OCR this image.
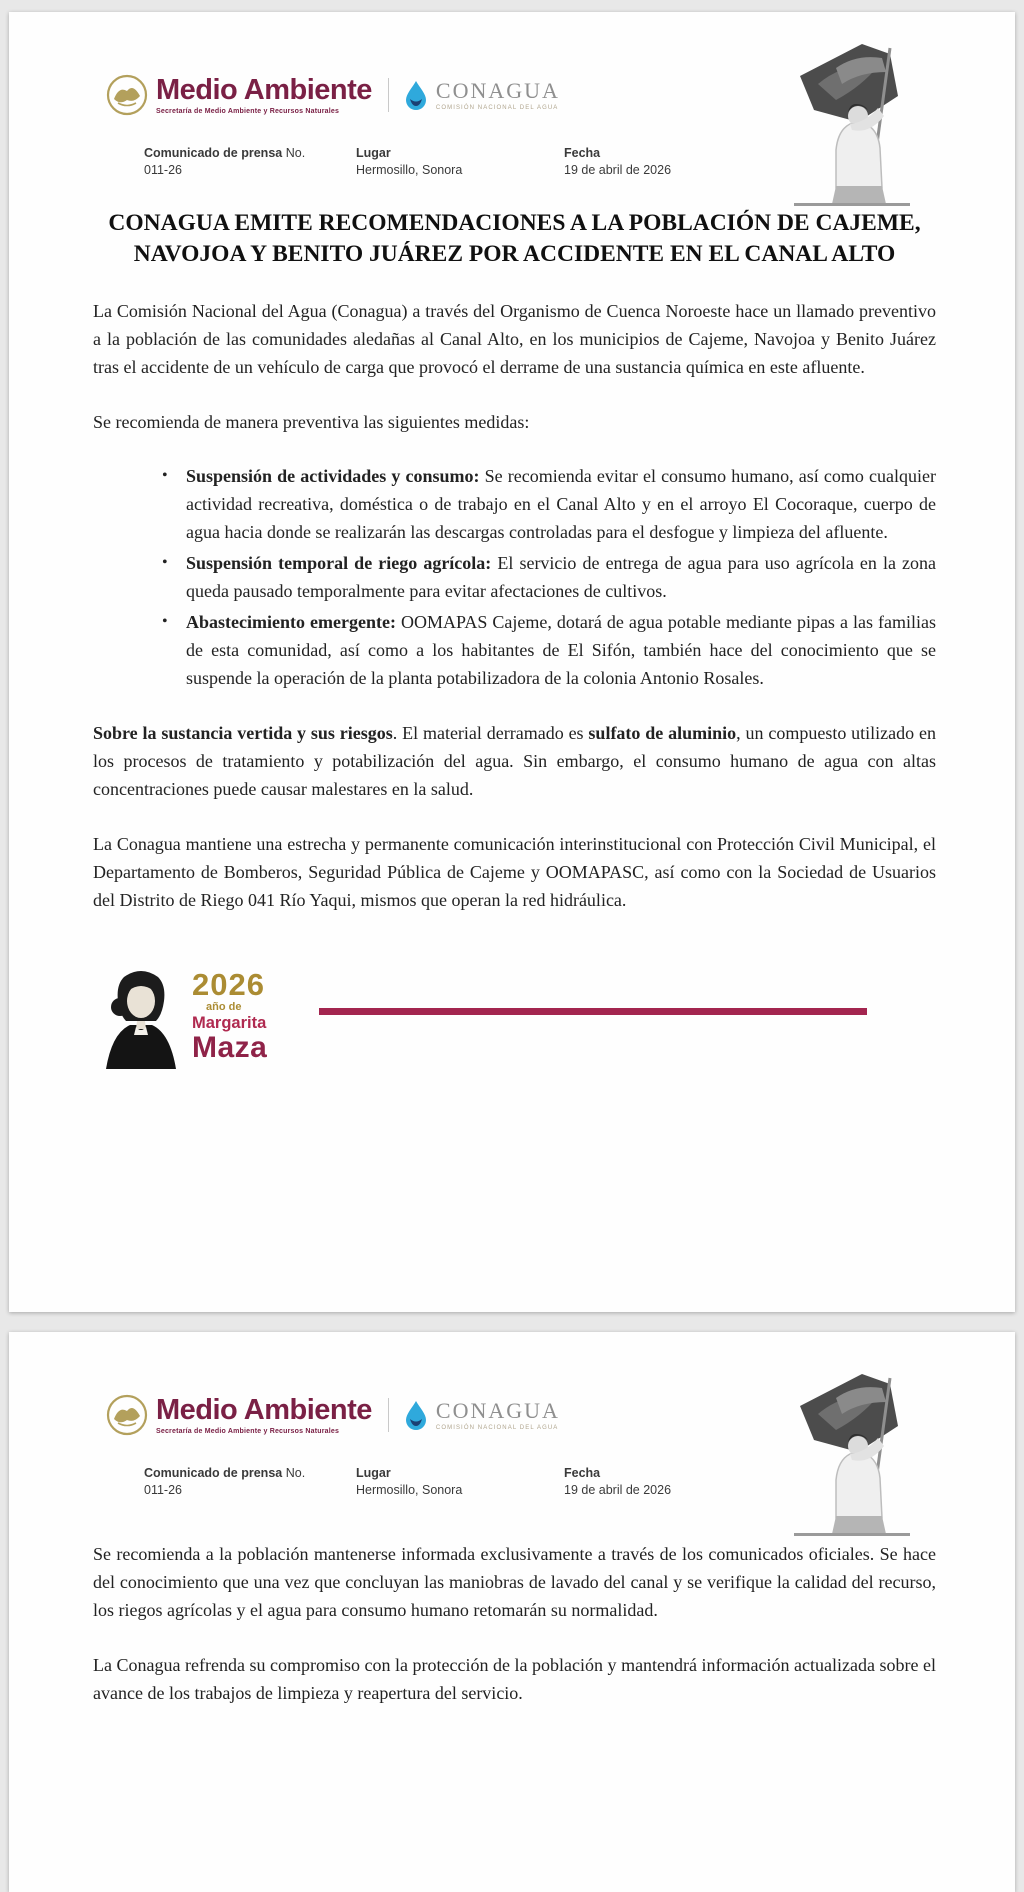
Medio Ambiente
Secretaría de Medio Ambiente y Recursos Naturales
CONAGUA
COMISIÓN NACIONAL DEL AGUA
Comunicado de prensa No.
011-26
Lugar
Hermosillo, Sonora
Fecha
19 de abril de 2026
CONAGUA EMITE RECOMENDACIONES A LA POBLACIÓN DE CAJEME, NAVOJOA Y BENITO JUÁREZ POR ACCIDENTE EN EL CANAL ALTO

La Comisión Nacional del Agua (Conagua) a través del Organismo de Cuenca Noroeste hace un llamado preventivo a la población de las comunidades aledañas al Canal Alto, en los municipios de Cajeme, Navojoa y Benito Juárez tras el accidente de un vehículo de carga que provocó el derrame de una sustancia química en este afluente.

Se recomienda de manera preventiva las siguientes medidas:

• Suspensión de actividades y consumo: Se recomienda evitar el consumo humano, así como cualquier actividad recreativa, doméstica o de trabajo en el Canal Alto y en el arroyo El Cocoraque, cuerpo de agua hacia donde se realizarán las descargas controladas para el desfogue y limpieza del afluente.
• Suspensión temporal de riego agrícola: El servicio de entrega de agua para uso agrícola en la zona queda pausado temporalmente para evitar afectaciones de cultivos.
• Abastecimiento emergente: OOMAPAS Cajeme, dotará de agua potable mediante pipas a las familias de esta comunidad, así como a los habitantes de El Sifón, también hace del conocimiento que se suspende la operación de la planta potabilizadora de la colonia Antonio Rosales.

Sobre la sustancia vertida y sus riesgos. El material derramado es sulfato de aluminio, un compuesto utilizado en los procesos de tratamiento y potabilización del agua. Sin embargo, el consumo humano de agua con altas concentraciones puede causar malestares en la salud.

La Conagua mantiene una estrecha y permanente comunicación interinstitucional con Protección Civil Municipal, el Departamento de Bomberos, Seguridad Pública de Cajeme y OOMAPASC, así como con la Sociedad de Usuarios del Distrito de Riego 041 Río Yaqui, mismos que operan la red hidráulica.

2026
año de
Margarita
Maza
Medio Ambiente
Secretaría de Medio Ambiente y Recursos Naturales
CONAGUA
COMISIÓN NACIONAL DEL AGUA
Comunicado de prensa No.
011-26
Lugar
Hermosillo, Sonora
Fecha
19 de abril de 2026

Se recomienda a la población mantenerse informada exclusivamente a través de los comunicados oficiales. Se hace del conocimiento que una vez que concluyan las maniobras de lavado del canal y se verifique la calidad del recurso, los riegos agrícolas y el agua para consumo humano retomarán su normalidad.

La Conagua refrenda su compromiso con la protección de la población y mantendrá información actualizada sobre el avance de los trabajos de limpieza y reapertura del servicio.
